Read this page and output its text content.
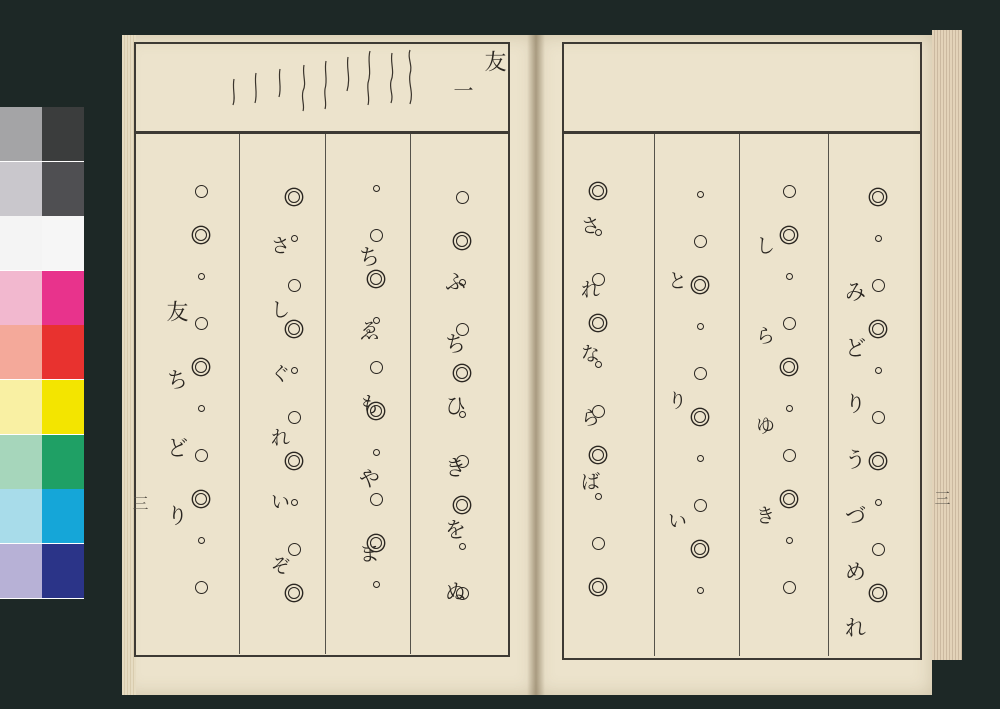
友
一
ふちひきをぬ
ちゑもやま
さしぐれいぞ
友ちどり
三	みどりうづめれ
しらゆき
とりい
されならば	三
